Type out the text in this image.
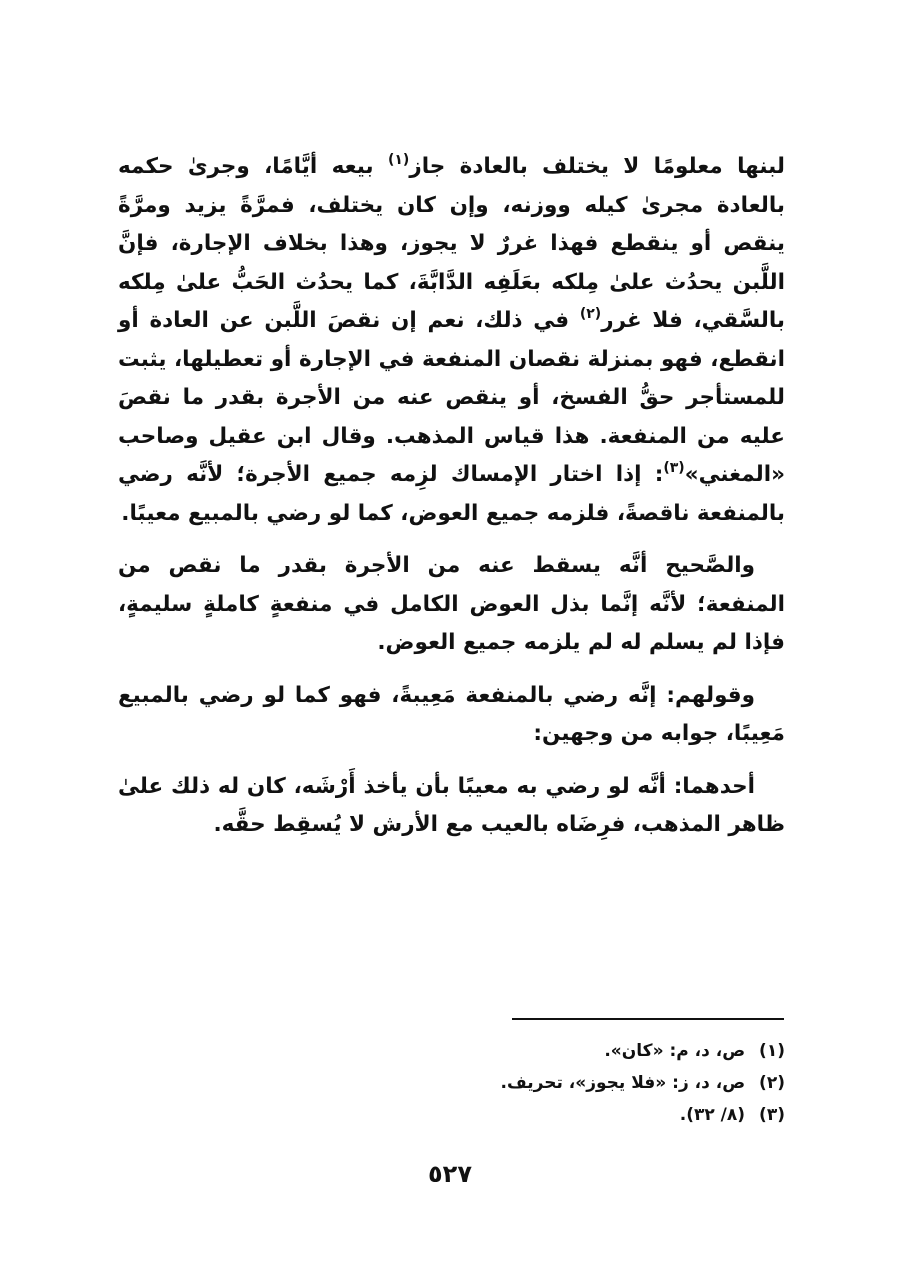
لبنها معلومًا لا يختلف بالعادة جاز$^{(١)}$ بيعه أيَّامًا، وجرىٰ حكمه بالعادة مجرىٰ كيله ووزنه، وإن كان يختلف، فمرَّةً يزيد ومرَّةً ينقص أو ينقطع فهذا غررٌ لا يجوز، وهذا بخلاف الإجارة، فإنَّ اللَّبن يحدُث علىٰ مِلكه بعَلَفِه الدَّابَّةَ، كما يحدُث الحَبُّ علىٰ مِلكه بالسَّقي، فلا غرر$^{(٢)}$ في ذلك، نعم إن نقصَ اللَّبن عن العادة أو انقطع، فهو بمنزلة نقصان المنفعة في الإجارة أو تعطيلها، يثبت للمستأجر حقُّ الفسخ، أو ينقص عنه من الأجرة بقدر ما نقصَ عليه من المنفعة. هذا قياس المذهب. وقال ابن عقيل وصاحب «المغني»$^{(٣)}$: إذا اختار الإمساك لزِمه جميع الأجرة؛ لأنَّه رضي بالمنفعة ناقصةً، فلزمه جميع العوض، كما لو رضي بالمبيع معيبًا.

والصَّحيح أنَّه يسقط عنه من الأجرة بقدر ما نقص من المنفعة؛ لأنَّه إنَّما بذل العوض الكامل في منفعةٍ كاملةٍ سليمةٍ، فإذا لم يسلم له لم يلزمه جميع العوض.

وقولهم: إنَّه رضي بالمنفعة مَعِيبةً، فهو كما لو رضي بالمبيع مَعِيبًا، جوابه من وجهين:

أحدهما: أنَّه لو رضي به معيبًا بأن يأخذ أَرْشَه، كان له ذلك علىٰ ظاهر المذهب، فرِضَاه بالعيب مع الأرش لا يُسقِط حقَّه.

(١) ص، د، م: «كان».

(٢) ص، د، ز: «فلا يجوز»، تحريف.

(٣) (٨/ ٣٢).

٥٢٧
